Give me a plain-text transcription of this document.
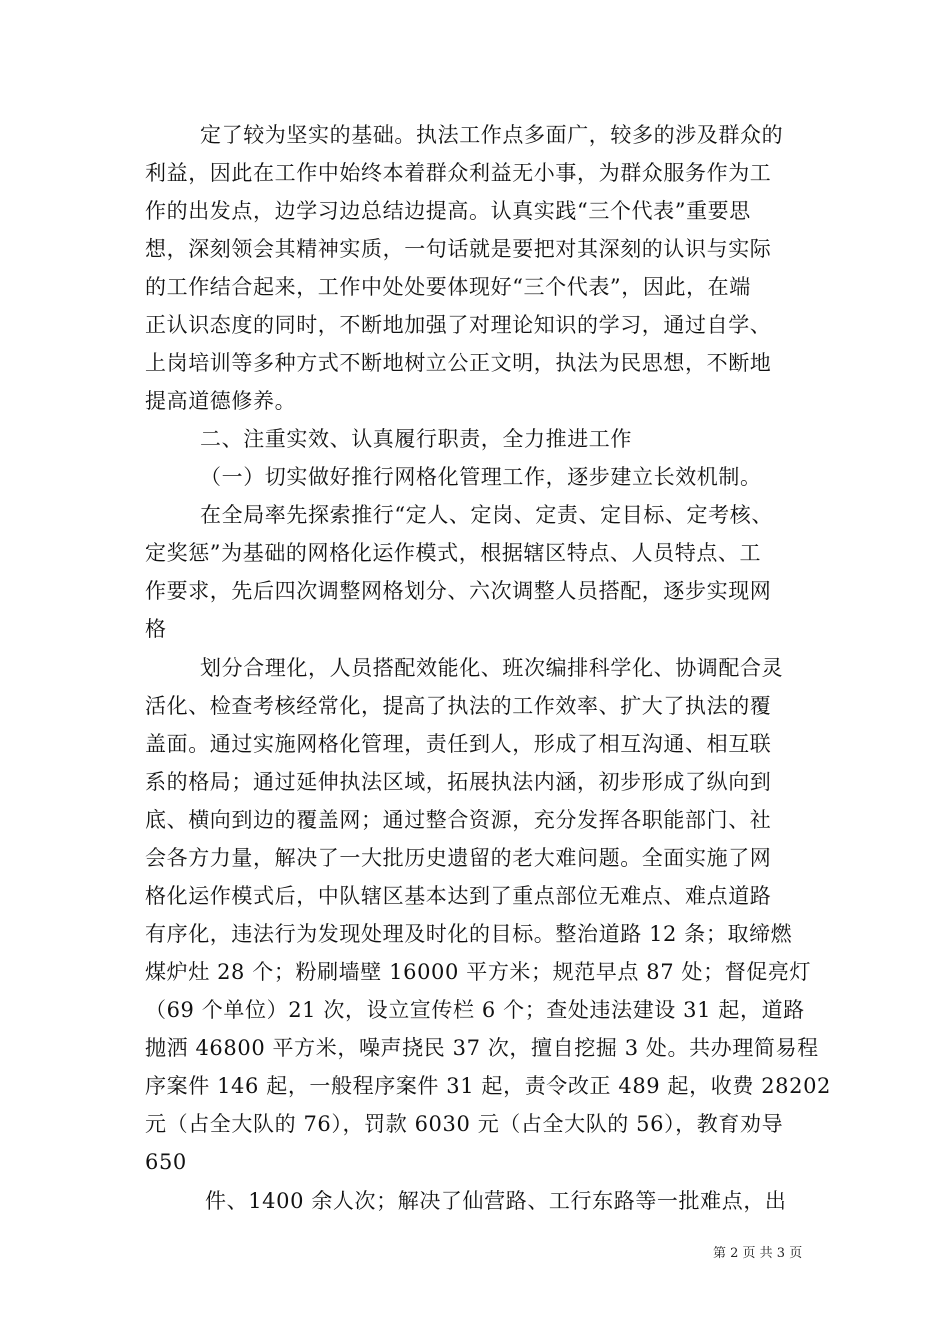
定了较为坚实的基础。执法工作点多面广，较多的涉及群众的
利益，因此在工作中始终本着群众利益无小事，为群众服务作为工
作的出发点，边学习边总结边提高。认真实践“三个代表”重要思
想，深刻领会其精神实质，一句话就是要把对其深刻的认识与实际
的工作结合起来，工作中处处要体现好“三个代表”，因此，在端
正认识态度的同时，不断地加强了对理论知识的学习，通过自学、
上岗培训等多种方式不断地树立公正文明，执法为民思想，不断地
提高道德修养。
二、注重实效、认真履行职责，全力推进工作
（一）切实做好推行网格化管理工作，逐步建立长效机制。
在全局率先探索推行“定人、定岗、定责、定目标、定考核、
定奖惩”为基础的网格化运作模式，根据辖区特点、人员特点、工
作要求，先后四次调整网格划分、六次调整人员搭配，逐步实现网
格
划分合理化，人员搭配效能化、班次编排科学化、协调配合灵
活化、检查考核经常化，提高了执法的工作效率、扩大了执法的覆
盖面。通过实施网格化管理，责任到人，形成了相互沟通、相互联
系的格局；通过延伸执法区域，拓展执法内涵，初步形成了纵向到
底、横向到边的覆盖网；通过整合资源，充分发挥各职能部门、社
会各方力量，解决了一大批历史遗留的老大难问题。全面实施了网
格化运作模式后，中队辖区基本达到了重点部位无难点、难点道路
有序化，违法行为发现处理及时化的目标。整治道路 12 条；取缔燃
煤炉灶 28 个；粉刷墙壁 16000 平方米；规范早点 87 处；督促亮灯
（69 个单位）21 次，设立宣传栏 6 个；查处违法建设 31 起，道路
抛洒 46800 平方米，噪声挠民 37 次，擅自挖掘 3 处。共办理简易程
序案件 146 起，一般程序案件 31 起，责令改正 489 起，收费 28202
元（占全大队的 76），罚款 6030 元（占全大队的 56），教育劝导
650
件、1400 余人次；解决了仙营路、工行东路等一批难点，出
第 2 页 共 3 页
